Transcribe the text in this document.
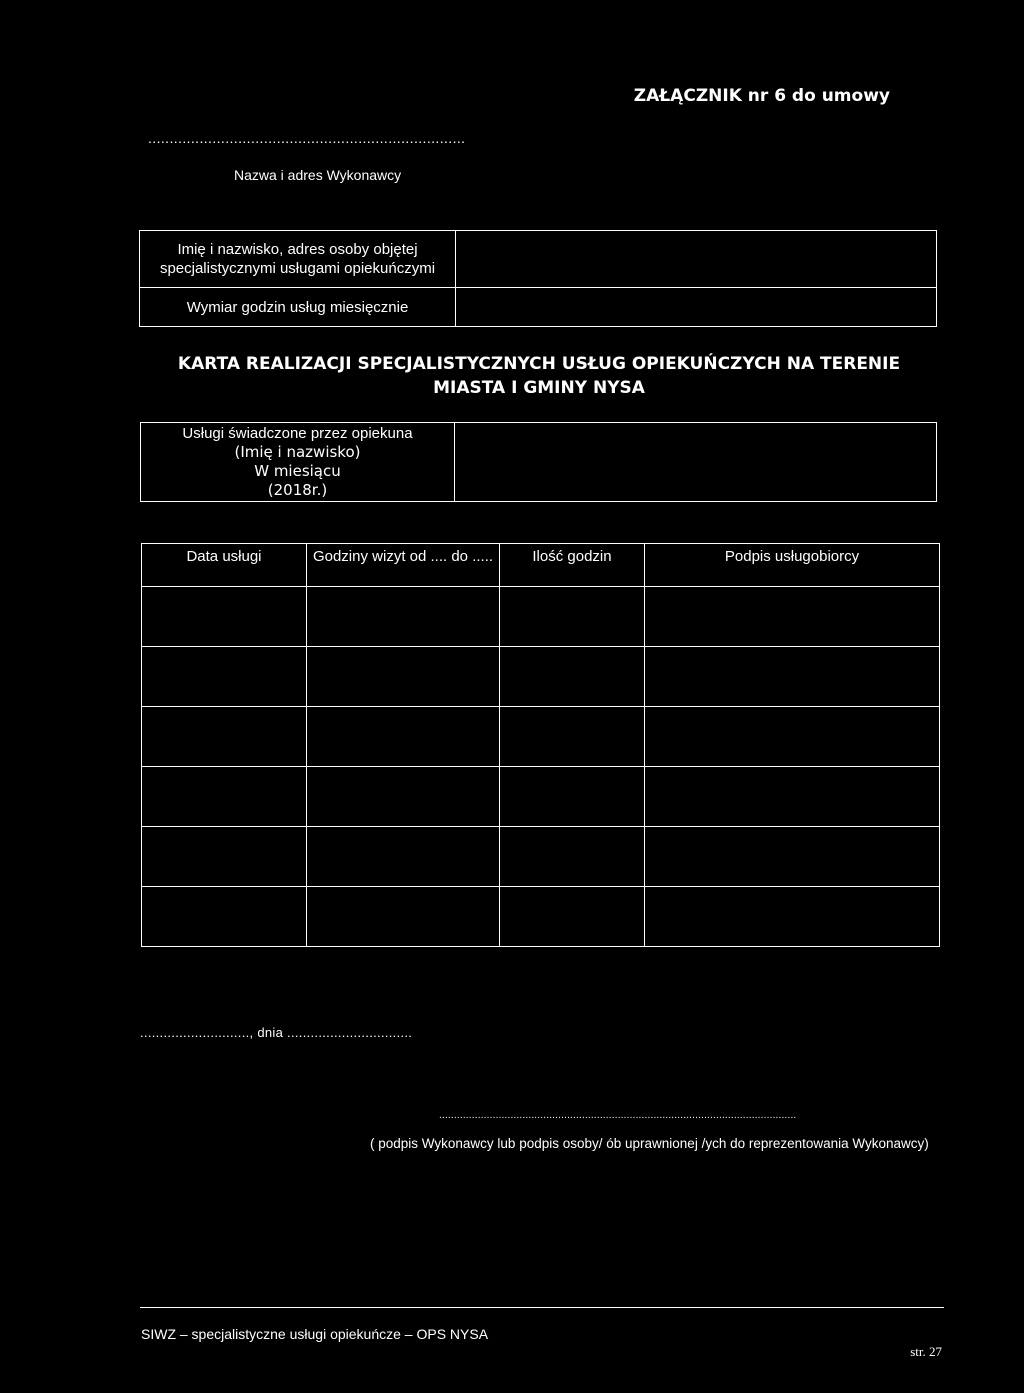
ZAŁĄCZNIK nr 6 do umowy
..........................................................................
Nazwa i adres Wykonawcy
Imię i nazwisko, adres osoby objętej specjalistycznymi usługami opiekuńczymi	
Wymiar godzin usług miesięcznie	
KARTA REALIZACJI SPECJALISTYCZNYCH USŁUG OPIEKUŃCZYCH NA TERENIE
MIASTA I GMINY NYSA
Usługi świadczone przez opiekuna
(Imię i nazwisko)
W miesiącu
(2018r.)

Data usługi	Godziny wizyt od .... do .....	Ilość godzin	Podpis usługobiorcy

............................, dnia ................................
........................................................................................................................
( podpis Wykonawcy lub podpis osoby/ ób uprawnionej /ych do reprezentowania Wykonawcy)
SIWZ – specjalistyczne usługi opiekuńcze – OPS NYSA
str. 27
